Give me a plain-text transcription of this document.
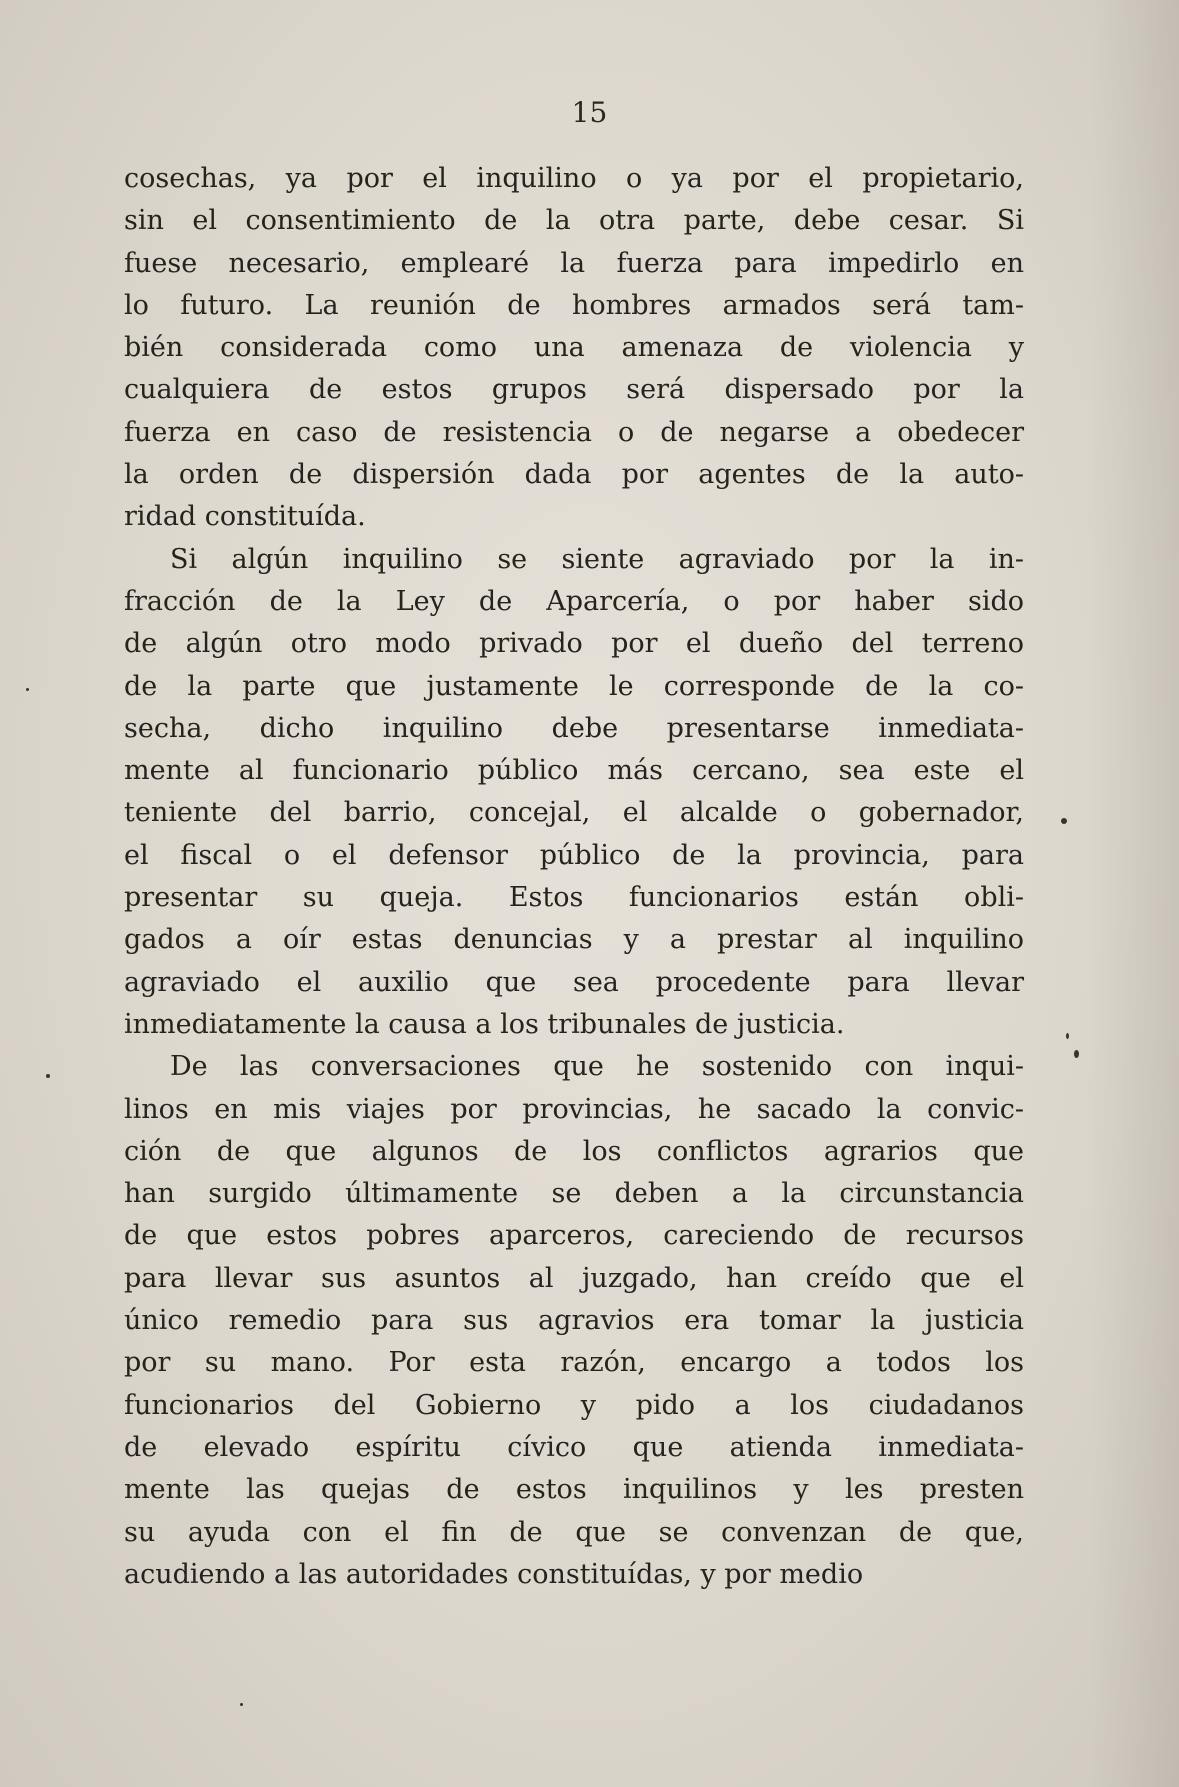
15
cosechas, ya por el inquilino o ya por el propietario,
sin el consentimiento de la otra parte, debe cesar. Si
fuese necesario, emplearé la fuerza para impedirlo en
lo futuro. La reunión de hombres armados será tam-
bién considerada como una amenaza de violencia y
cualquiera de estos grupos será dispersado por la
fuerza en caso de resistencia o de negarse a obedecer
la orden de dispersión dada por agentes de la auto-
ridad constituída.
Si algún inquilino se siente agraviado por la in-
fracción de la Ley de Aparcería, o por haber sido
de algún otro modo privado por el dueño del terreno
de la parte que justamente le corresponde de la co-
secha, dicho inquilino debe presentarse inmediata-
mente al funcionario público más cercano, sea este el
teniente del barrio, concejal, el alcalde o gobernador,
el fiscal o el defensor público de la provincia, para
presentar su queja. Estos funcionarios están obli-
gados a oír estas denuncias y a prestar al inquilino
agraviado el auxilio que sea procedente para llevar
inmediatamente la causa a los tribunales de justicia.
De las conversaciones que he sostenido con inqui-
linos en mis viajes por provincias, he sacado la convic-
ción de que algunos de los conflictos agrarios que
han surgido últimamente se deben a la circunstancia
de que estos pobres aparceros, careciendo de recursos
para llevar sus asuntos al juzgado, han creído que el
único remedio para sus agravios era tomar la justicia
por su mano. Por esta razón, encargo a todos los
funcionarios del Gobierno y pido a los ciudadanos
de elevado espíritu cívico que atienda inmediata-
mente las quejas de estos inquilinos y les presten
su ayuda con el fin de que se convenzan de que,
acudiendo a las autoridades constituídas, y por medio
